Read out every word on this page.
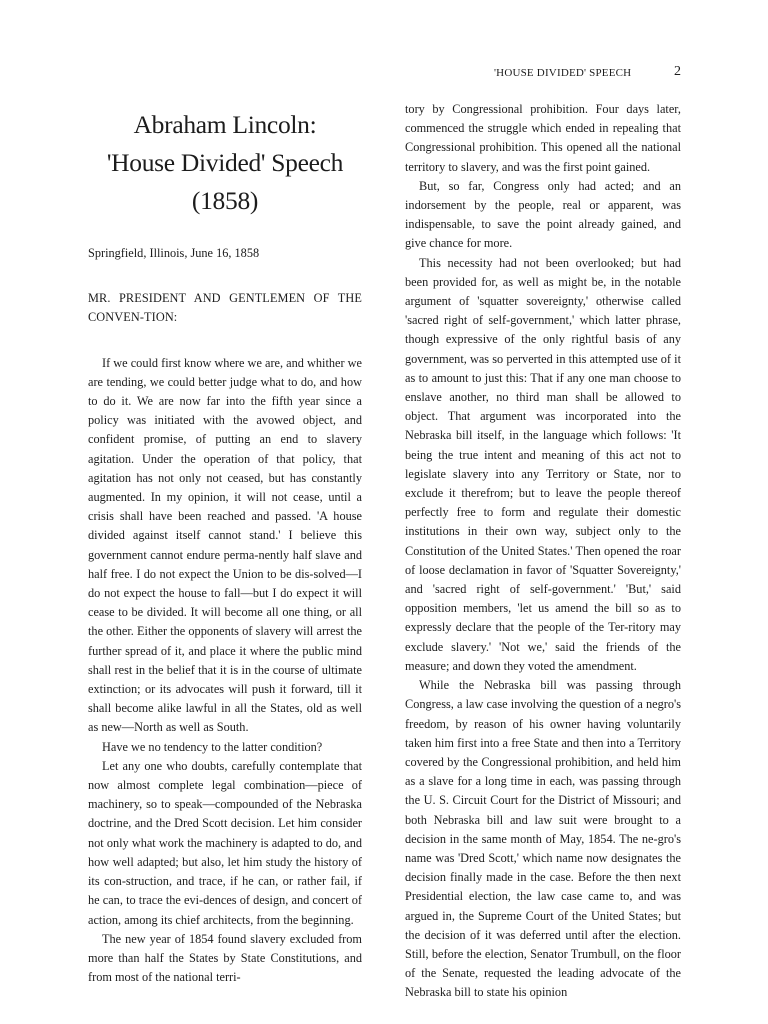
'HOUSE DIVIDED' SPEECH	2
Abraham Lincoln:
'House Divided' Speech (1858)
Springfield, Illinois, June 16, 1858
MR. PRESIDENT AND GENTLEMEN OF THE CONVEN-TION:

If we could first know where we are, and whither we are tending, we could better judge what to do, and how to do it. We are now far into the fifth year since a policy was initiated with the avowed object, and confident promise, of putting an end to slavery agitation. Under the operation of that policy, that agitation has not only not ceased, but has constantly augmented. In my opinion, it will not cease, until a crisis shall have been reached and passed. 'A house divided against itself cannot stand.' I believe this government cannot endure perma-nently half slave and half free. I do not expect the Union to be dis-solved—I do not expect the house to fall—but I do expect it will cease to be divided. It will become all one thing, or all the other. Either the opponents of slavery will arrest the further spread of it, and place it where the public mind shall rest in the belief that it is in the course of ultimate extinction; or its advocates will push it forward, till it shall become alike lawful in all the States, old as well as new—North as well as South.

Have we no tendency to the latter condition?

Let any one who doubts, carefully contemplate that now almost complete legal combination—piece of machinery, so to speak—compounded of the Nebraska doctrine, and the Dred Scott decision. Let him consider not only what work the machinery is adapted to do, and how well adapted; but also, let him study the history of its con-struction, and trace, if he can, or rather fail, if he can, to trace the evi-dences of design, and concert of action, among its chief architects, from the beginning.

The new year of 1854 found slavery excluded from more than half the States by State Constitutions, and from most of the national terri-

tory by Congressional prohibition. Four days later, commenced the struggle which ended in repealing that Congressional prohibition. This opened all the national territory to slavery, and was the first point gained.

But, so far, Congress only had acted; and an indorsement by the people, real or apparent, was indispensable, to save the point already gained, and give chance for more.

This necessity had not been overlooked; but had been provided for, as well as might be, in the notable argument of 'squatter sovereignty,' otherwise called 'sacred right of self-government,' which latter phrase, though expressive of the only rightful basis of any government, was so perverted in this attempted use of it as to amount to just this: That if any one man choose to enslave another, no third man shall be allowed to object. That argument was incorporated into the Nebraska bill itself, in the language which follows: 'It being the true intent and meaning of this act not to legislate slavery into any Territory or State, nor to exclude it therefrom; but to leave the people thereof perfectly free to form and regulate their domestic institutions in their own way, subject only to the Constitution of the United States.' Then opened the roar of loose declamation in favor of 'Squatter Sovereignty,' and 'sacred right of self-government.' 'But,' said opposition members, 'let us amend the bill so as to expressly declare that the people of the Ter-ritory may exclude slavery.' 'Not we,' said the friends of the measure; and down they voted the amendment.

While the Nebraska bill was passing through Congress, a law case involving the question of a negro's freedom, by reason of his owner having voluntarily taken him first into a free State and then into a Territory covered by the Congressional prohibition, and held him as a slave for a long time in each, was passing through the U. S. Circuit Court for the District of Missouri; and both Nebraska bill and law suit were brought to a decision in the same month of May, 1854. The ne-gro's name was 'Dred Scott,' which name now designates the decision finally made in the case. Before the then next Presidential election, the law case came to, and was argued in, the Supreme Court of the United States; but the decision of it was deferred until after the election. Still, before the election, Senator Trumbull, on the floor of the Senate, requested the leading advocate of the Nebraska bill to state his opinion
